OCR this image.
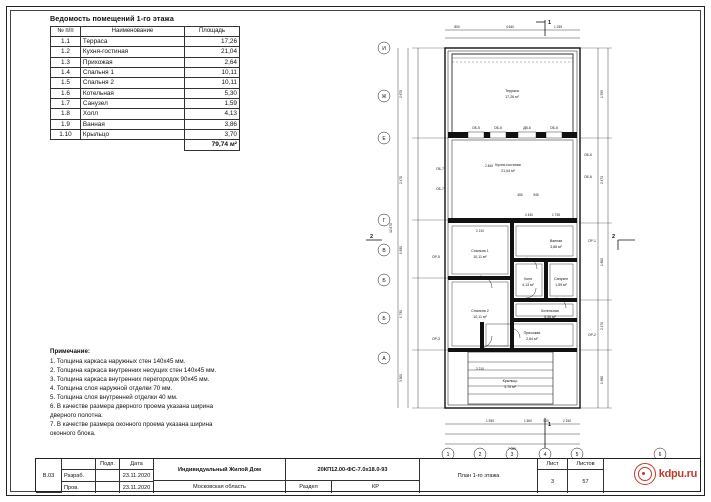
Ведомость помещений 1-го этажа
№ п/п	Наименование	Площадь
1.1	Терраса	17,26
1.2	Кухня-гостиная	21,04
1.3	Прихожая	2,64
1.4	Спальня 1	10,11
1.5	Спальня 2	10,11
1.6	Котельная	5,30
1.7	Санузел	1,59
1.8	Холл	4,13
1.9	Ванная	3,86
1.10	Крыльцо	3,70
		79,74 м²
Примечание:
1. Толщина каркаса наружных стен 140х45 мм.
2. Толщина каркаса внутренних несущих стен 140х45 мм.
3. Толщина каркаса внутренних перегородок 90х45 мм.
4. Толщина слоя наружной отделки 70 мм.
5. Толщина слоя внутренней отделки 40 мм.
6. В качестве размера дверного проема указана ширина
дверного полотна.
7. В качестве размера оконного проема указана ширина
оконного блока.
И
Ж
Е
Г
В
Б
Б
А
1	2	3	4	5	6
1
1
2
2
Терраса
17,26 м²
Кухня-гостиная
21,04 м²
Спальня 1
10,11 м²
Спальня 2
10,11 м²
Ванная
3,86 м²
Холл
4,13 м²
Санузел
1,59 м²
Котельная
5,30 м²
Прихожая
2,64 м²
Крыльцо
3,70 м²
ОБ-5	ОБ-5	ДВ-6	ОБ-5
ОБ-7
ОБ-7
ОБ-6
ОБ-6
ОР-1
ОР-2
ОР-3
ОР-5
800	4 640	1 235
1 530	1 500	500	2 150
7 000
2 465
450	945
2 210
2 210
2 430	1 735
2 670
2 470
1 630
1 730
3 300
12 670
1 535
2 470
1 800
2 470
1 980
В.03
Подп.	Дата
Разраб.	23.11.2020
Пров.	23.11.2020
Индивидуальный Жилой Дом
Московская область
20КП12.00-ФС-7.0х18.0-93
Раздел	КР
План 1-го этажа
Лист	Листов
3	57
kdpu.ru
